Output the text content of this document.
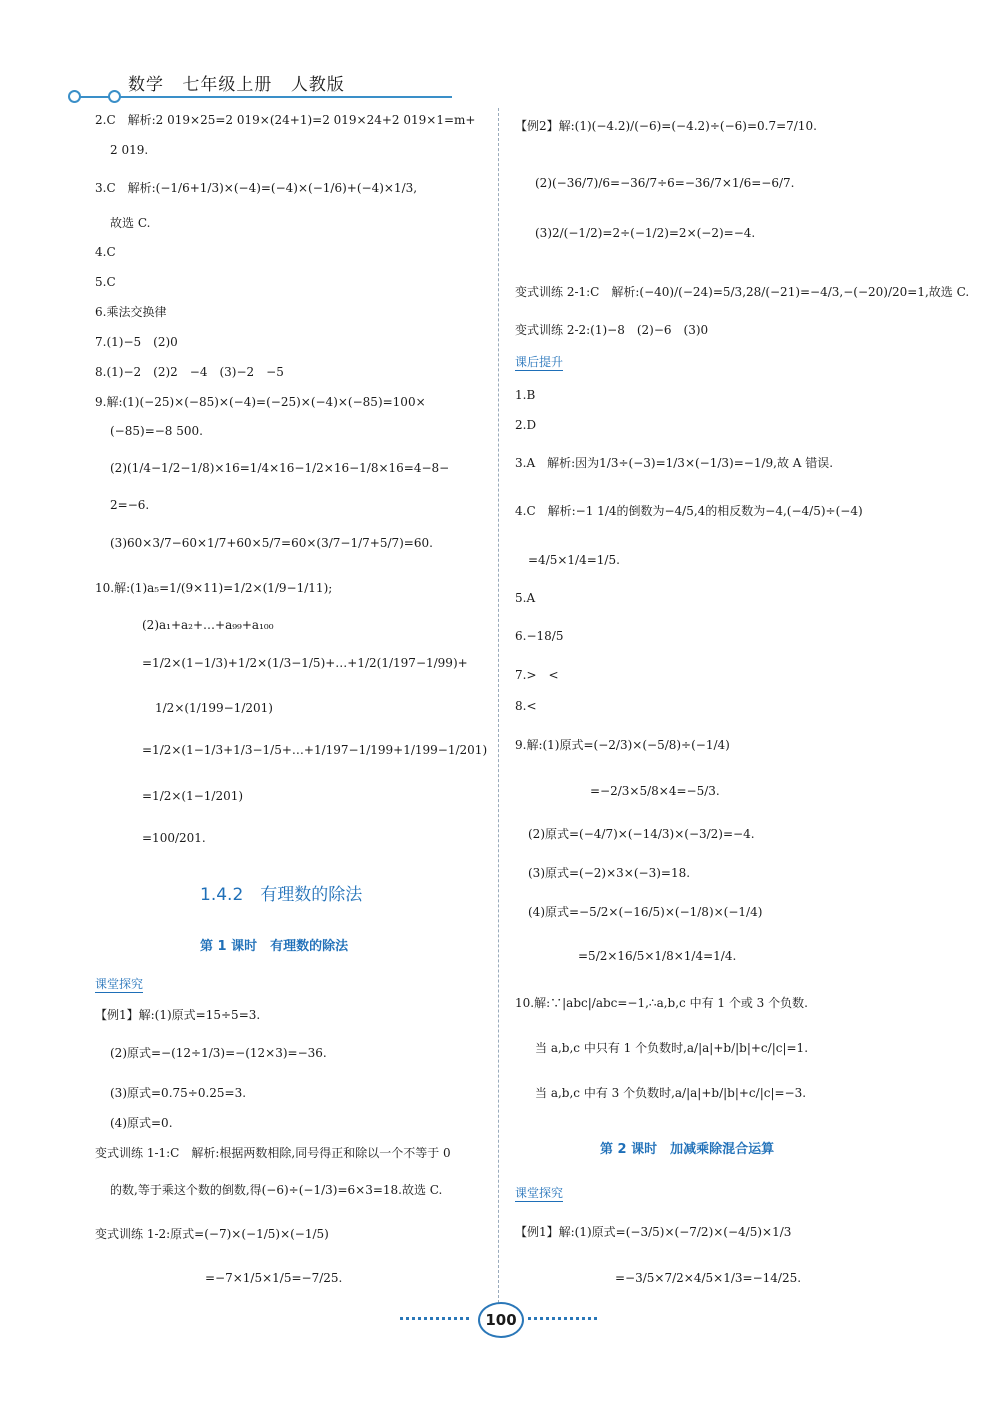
数学 七年级上册 人教版
2.C　解析:2 019×25=2 019×(24+1)=2 019×24+2 019×1=m+
2 019.
3.C　解析:(−1/6+1/3)×(−4)=(−4)×(−1/6)+(−4)×1/3,
故选 C.
4.C
5.C
6.乘法交换律
7.(1)−5　(2)0
8.(1)−2　(2)2　−4　(3)−2　−5
9.解:(1)(−25)×(−85)×(−4)=(−25)×(−4)×(−85)=100×
(−85)=−8 500.
(2)(1/4−1/2−1/8)×16=1/4×16−1/2×16−1/8×16=4−8−
2=−6.
(3)60×3/7−60×1/7+60×5/7=60×(3/7−1/7+5/7)=60.
10.解:(1)a₅=1/(9×11)=1/2×(1/9−1/11);
(2)a₁+a₂+…+a₉₉+a₁₀₀
=1/2×(1−1/3)+1/2×(1/3−1/5)+…+1/2(1/197−1/99)+
1/2×(1/199−1/201)
=1/2×(1−1/3+1/3−1/5+…+1/197−1/199+1/199−1/201)
=1/2×(1−1/201)
=100/201.
1.4.2　有理数的除法
第 1 课时　有理数的除法
课堂探究
【例1】解:(1)原式=15÷5=3.
(2)原式=−(12÷1/3)=−(12×3)=−36.
(3)原式=0.75÷0.25=3.
(4)原式=0.
变式训练 1-1:C　解析:根据两数相除,同号得正和除以一个不等于 0
的数,等于乘这个数的倒数,得(−6)÷(−1/3)=6×3=18.故选 C.
变式训练 1-2:原式=(−7)×(−1/5)×(−1/5)
=−7×1/5×1/5=−7/25.
【例2】解:(1)(−4.2)/(−6)=(−4.2)÷(−6)=0.7=7/10.
(2)(−36/7)/6=−36/7÷6=−36/7×1/6=−6/7.
(3)2/(−1/2)=2÷(−1/2)=2×(−2)=−4.
变式训练 2-1:C　解析:(−40)/(−24)=5/3,28/(−21)=−4/3,−(−20)/20=1,故选 C.
变式训练 2-2:(1)−8　(2)−6　(3)0
课后提升
1.B
2.D
3.A　解析:因为1/3÷(−3)=1/3×(−1/3)=−1/9,故 A 错误.
4.C　解析:−1 1/4的倒数为−4/5,4的相反数为−4,(−4/5)÷(−4)
=4/5×1/4=1/5.
5.A
6.−18/5
7.>　<
8.<
9.解:(1)原式=(−2/3)×(−5/8)÷(−1/4)
=−2/3×5/8×4=−5/3.
(2)原式=(−4/7)×(−14/3)×(−3/2)=−4.
(3)原式=(−2)×3×(−3)=18.
(4)原式=−5/2×(−16/5)×(−1/8)×(−1/4)
=5/2×16/5×1/8×1/4=1/4.
10.解:∵|abc|/abc=−1,∴a,b,c 中有 1 个或 3 个负数.
当 a,b,c 中只有 1 个负数时,a/|a|+b/|b|+c/|c|=1.
当 a,b,c 中有 3 个负数时,a/|a|+b/|b|+c/|c|=−3.
第 2 课时　加减乘除混合运算
课堂探究
【例1】解:(1)原式=(−3/5)×(−7/2)×(−4/5)×1/3
=−3/5×7/2×4/5×1/3=−14/25.
100
